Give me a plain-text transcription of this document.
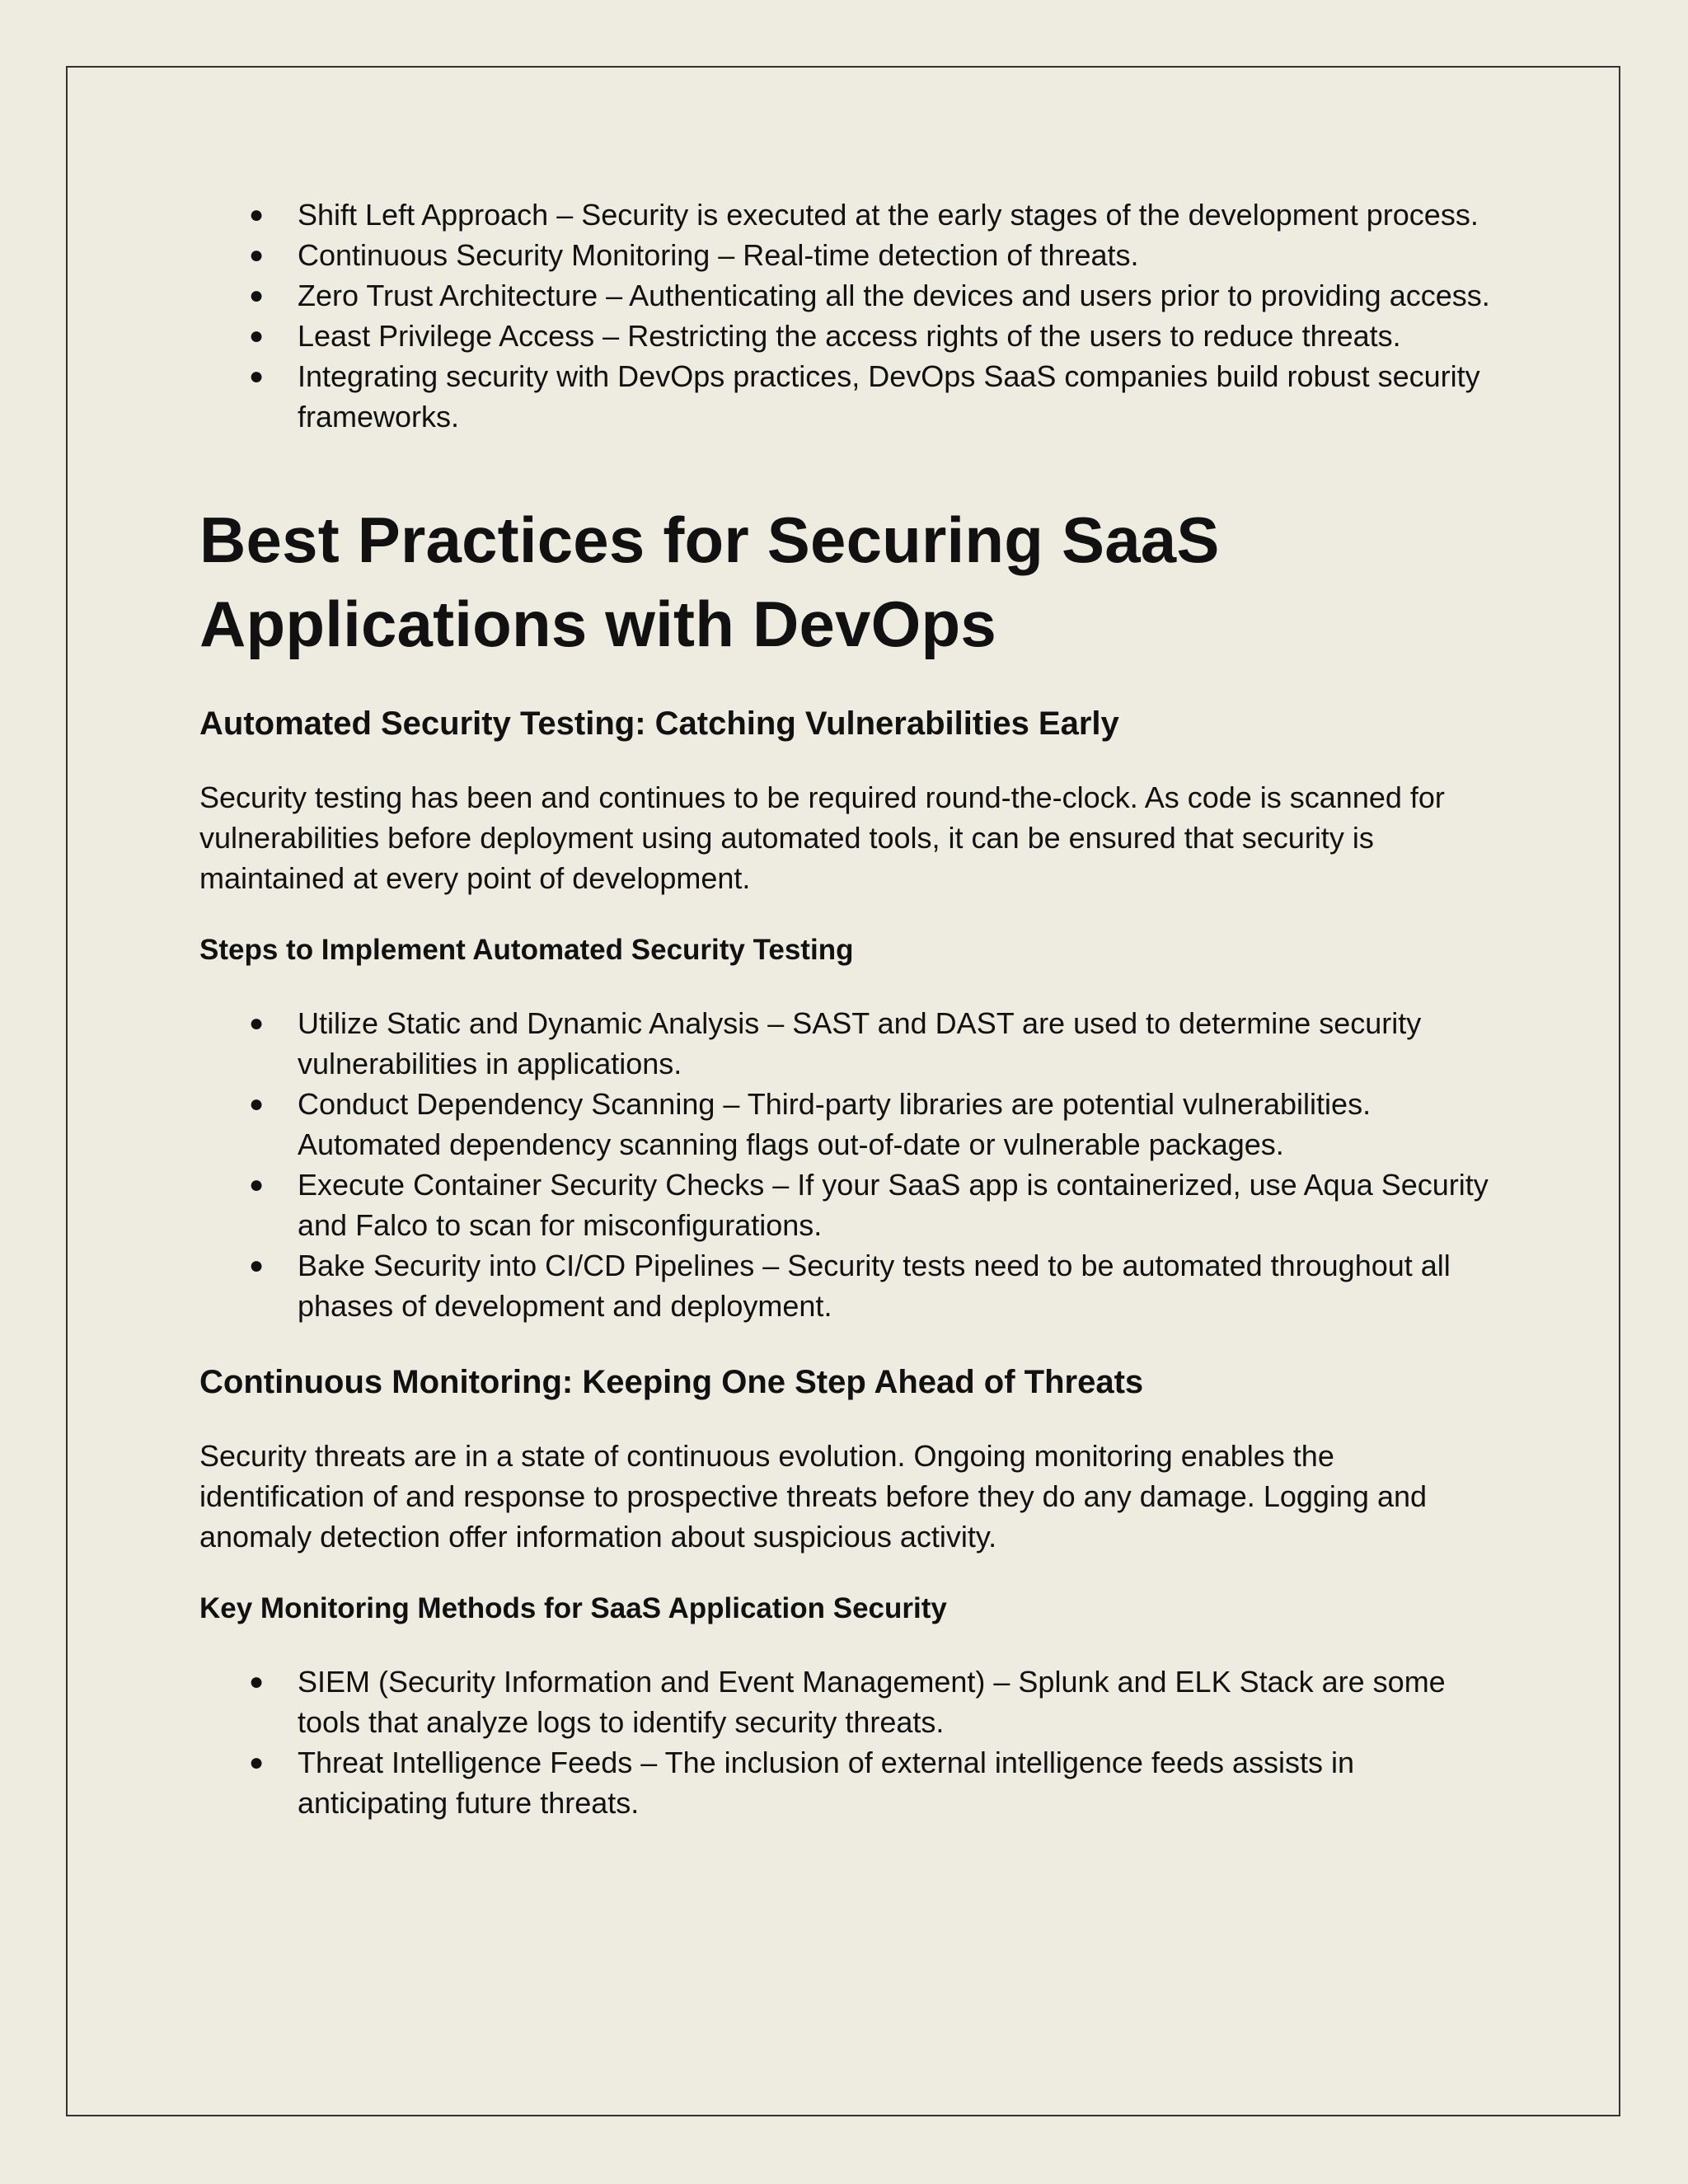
● Shift Left Approach – Security is executed at the early stages of the development process.
● Continuous Security Monitoring – Real-time detection of threats.
● Zero Trust Architecture – Authenticating all the devices and users prior to providing access.
● Least Privilege Access – Restricting the access rights of the users to reduce threats.
● Integrating security with DevOps practices, DevOps SaaS companies build robust security frameworks.
Best Practices for Securing SaaS Applications with DevOps
Automated Security Testing: Catching Vulnerabilities Early

Security testing has been and continues to be required round-the-clock. As code is scanned for vulnerabilities before deployment using automated tools, it can be ensured that security is maintained at every point of development.

Steps to Implement Automated Security Testing
● Utilize Static and Dynamic Analysis – SAST and DAST are used to determine security vulnerabilities in applications.
● Conduct Dependency Scanning – Third-party libraries are potential vulnerabilities. Automated dependency scanning flags out-of-date or vulnerable packages.
● Execute Container Security Checks – If your SaaS app is containerized, use Aqua Security and Falco to scan for misconfigurations.
● Bake Security into CI/CD Pipelines – Security tests need to be automated throughout all phases of development and deployment.
Continuous Monitoring: Keeping One Step Ahead of Threats

Security threats are in a state of continuous evolution. Ongoing monitoring enables the identification of and response to prospective threats before they do any damage. Logging and anomaly detection offer information about suspicious activity.

Key Monitoring Methods for SaaS Application Security
● SIEM (Security Information and Event Management) – Splunk and ELK Stack are some tools that analyze logs to identify security threats.
● Threat Intelligence Feeds – The inclusion of external intelligence feeds assists in anticipating future threats.
